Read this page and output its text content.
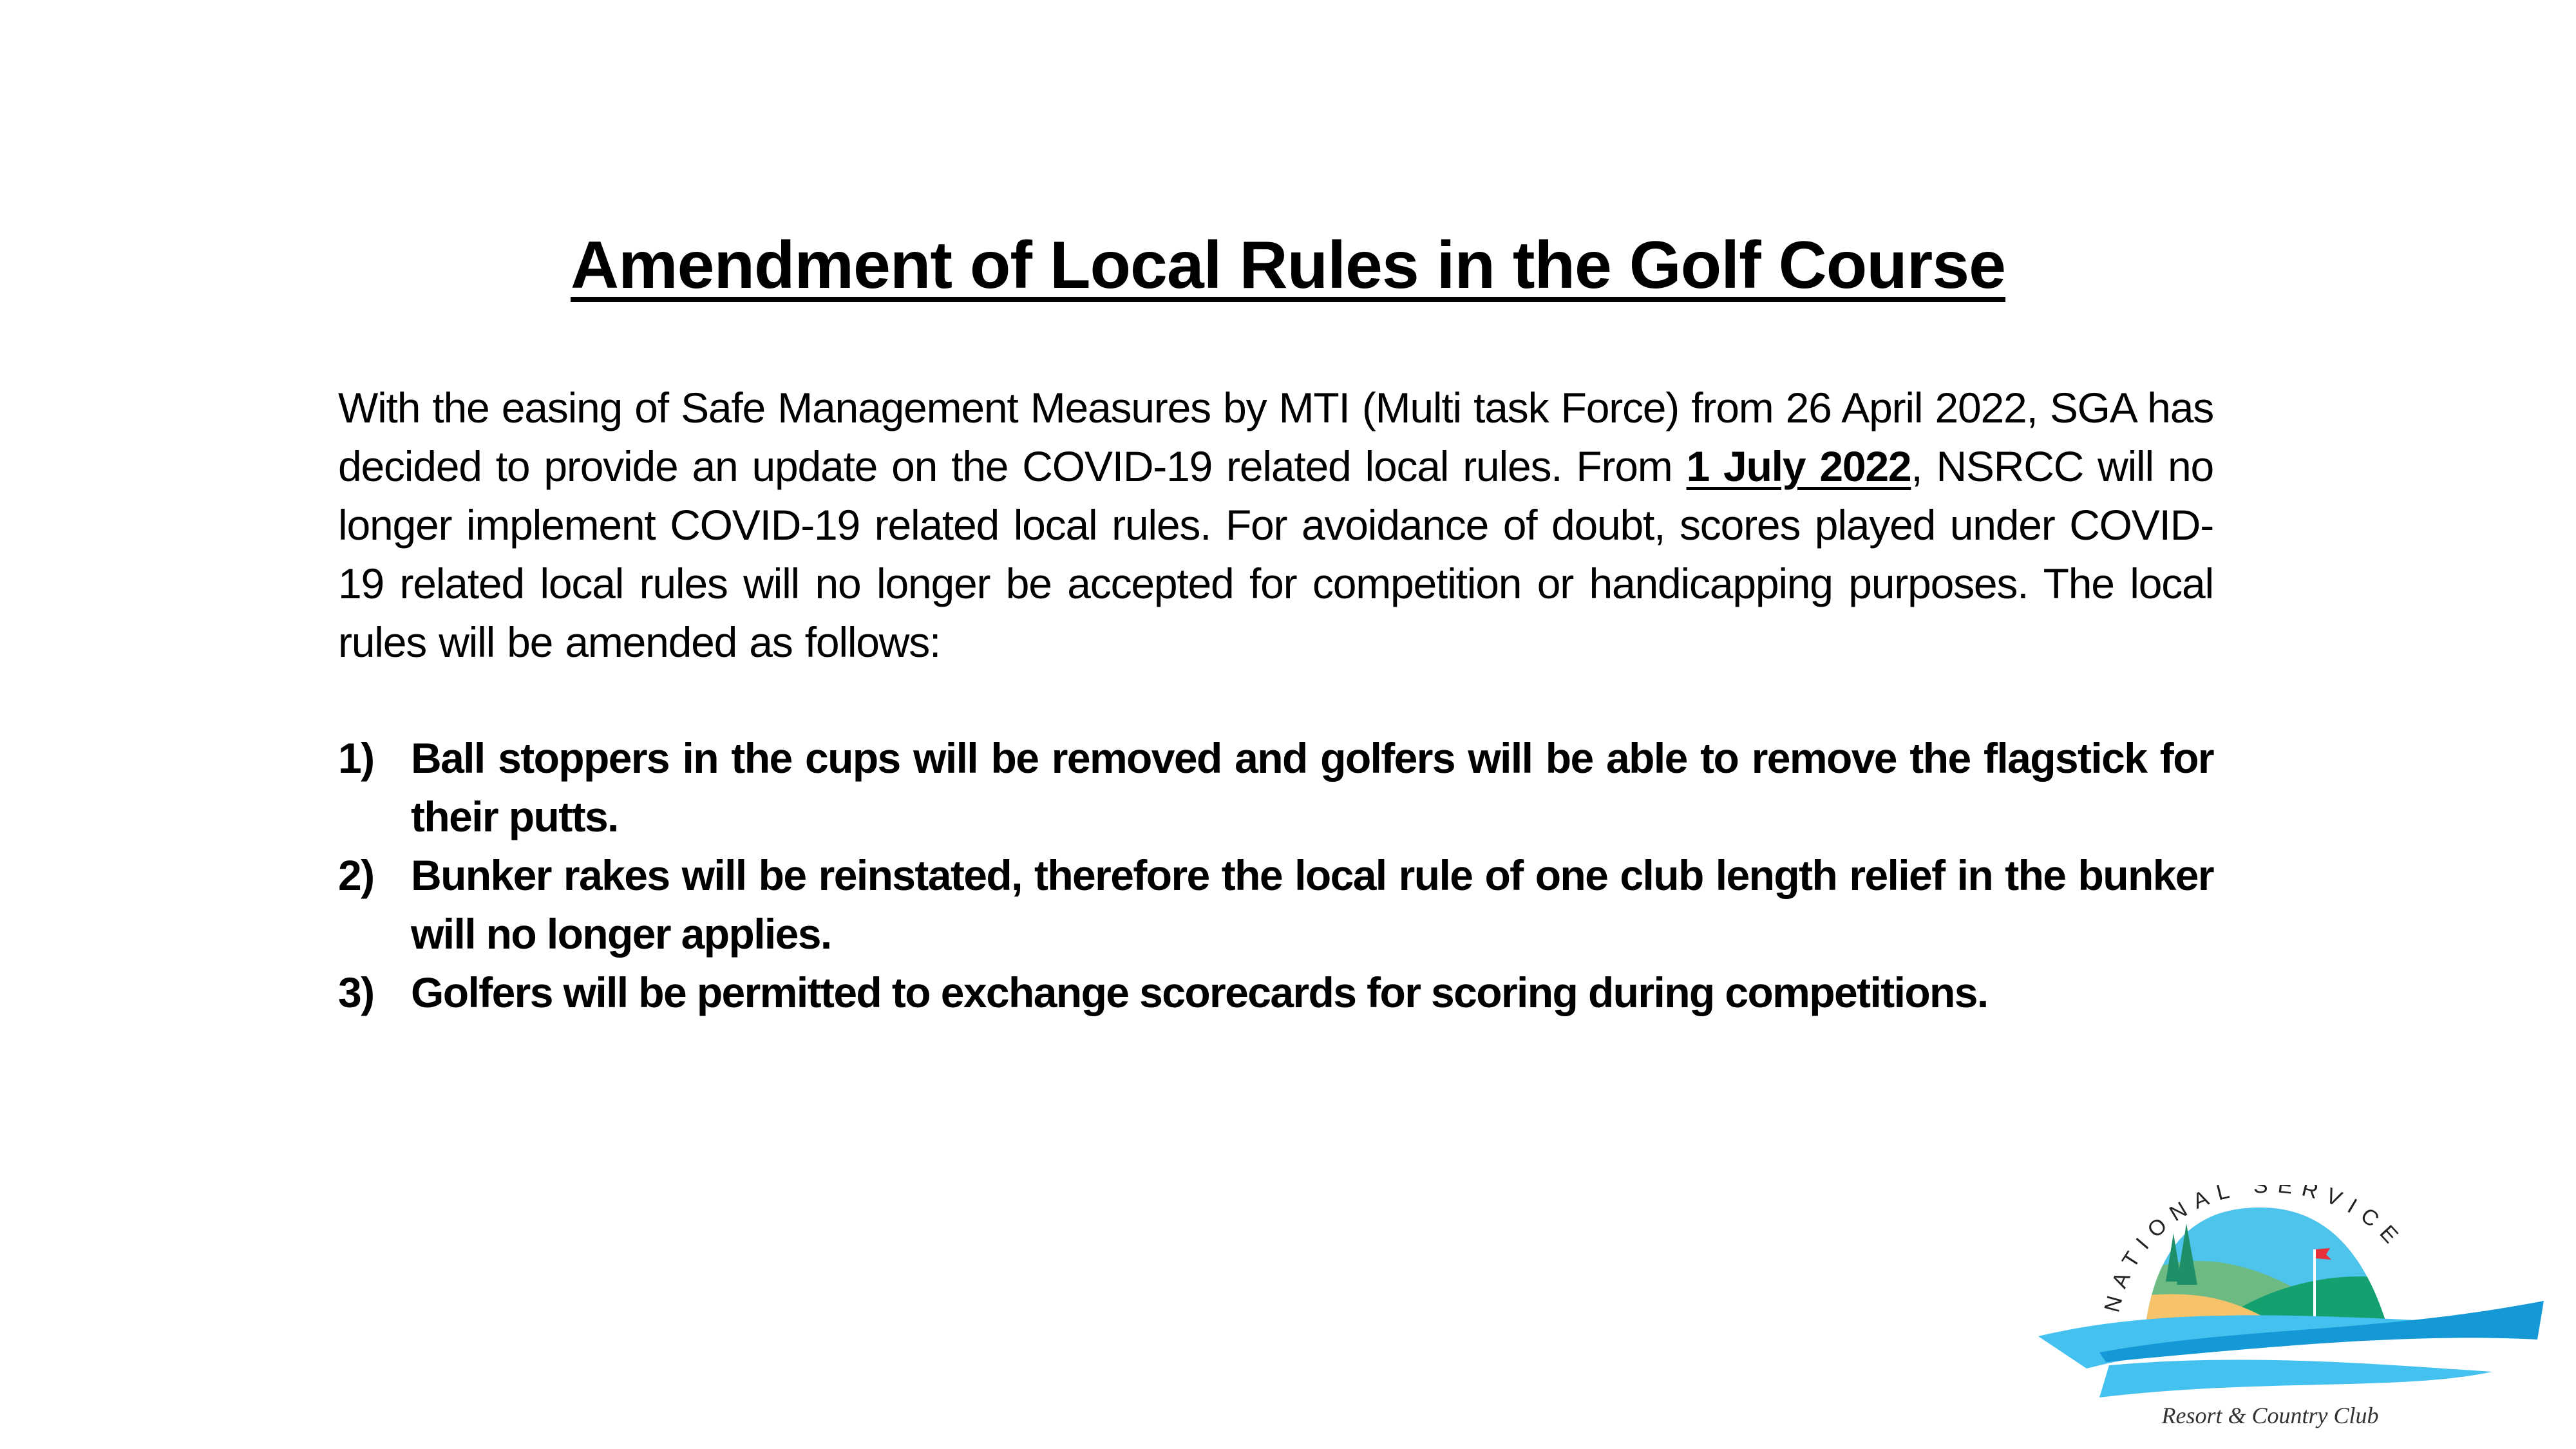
Amendment of Local Rules in the Golf Course
With the easing of Safe Management Measures by MTI (Multi task Force) from 26 April 2022, SGA has decided to provide an update on the COVID-19 related local rules. From 1 July 2022, NSRCC will no longer implement COVID-19 related local rules. For avoidance of doubt, scores played under COVID-19 related local rules will no longer be accepted for competition or handicapping purposes. The local rules will be amended as follows:
1) Ball stoppers in the cups will be removed and golfers will be able to remove the flagstick for their putts.
2) Bunker rakes will be reinstated, therefore the local rule of one club length relief in the bunker will no longer applies.
3) Golfers will be permitted to exchange scorecards for scoring during competitions.
NATIONAL SERVICE
Resort & Country Club
